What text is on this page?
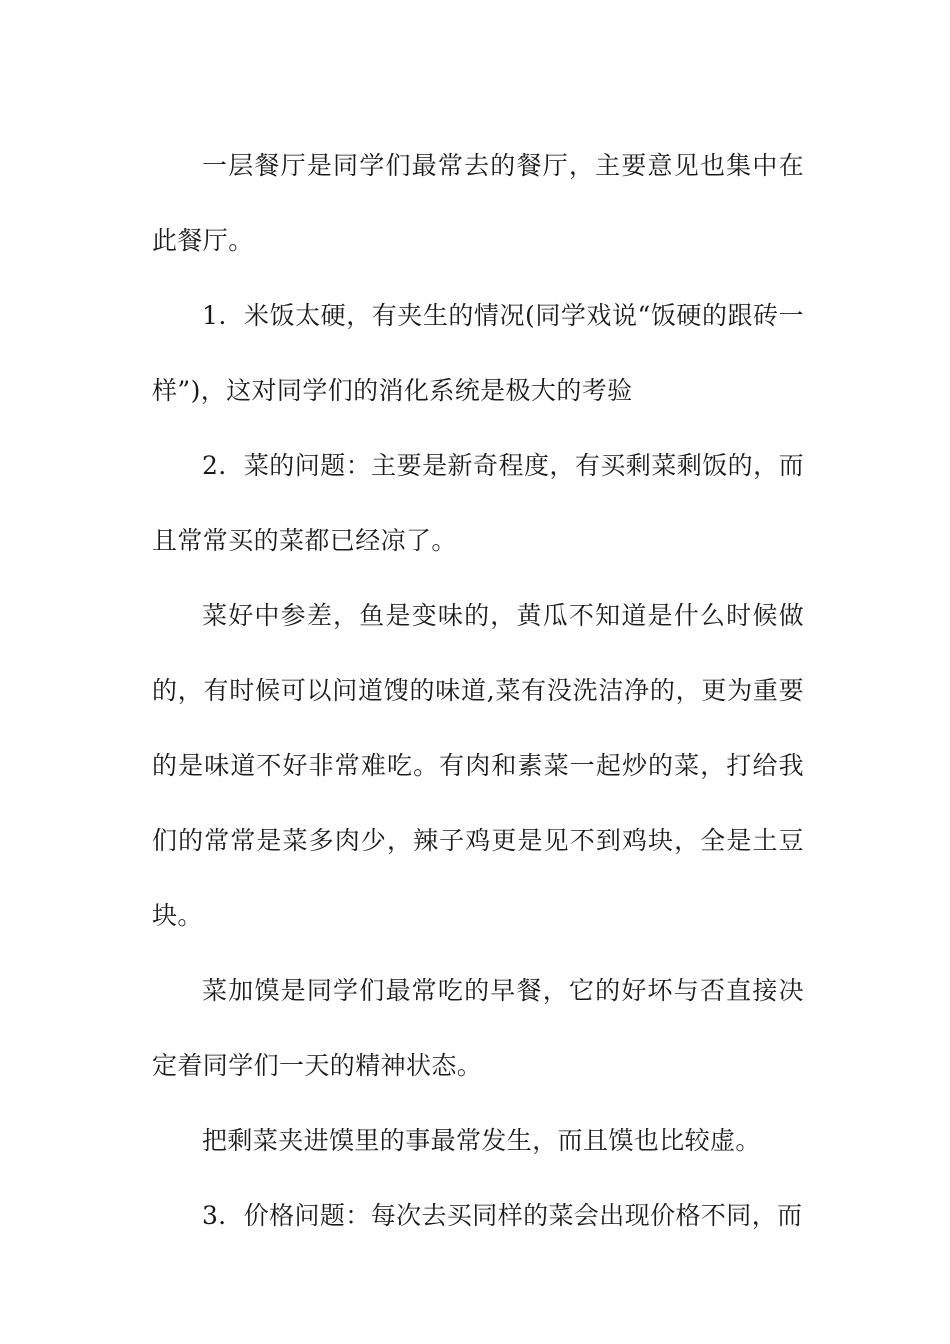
一层餐厅是同学们最常去的餐厅，主要意见也集中在此餐厅。

1．米饭太硬，有夹生的情况(同学戏说“饭硬的跟砖一样”)，这对同学们的消化系统是极大的考验

2．菜的问题：主要是新奇程度，有买剩菜剩饭的，而且常常买的菜都已经凉了。

菜好中参差，鱼是变味的，黄瓜不知道是什么时候做的，有时候可以问道馊的味道,菜有没洗洁净的，更为重要的是味道不好非常难吃。有肉和素菜一起炒的菜，打给我们的常常是菜多肉少，辣子鸡更是见不到鸡块，全是土豆块。

菜加馍是同学们最常吃的早餐，它的好坏与否直接决定着同学们一天的精神状态。

把剩菜夹进馍里的事最常发生，而且馍也比较虚。

3．价格问题：每次去买同样的菜会出现价格不同，而
